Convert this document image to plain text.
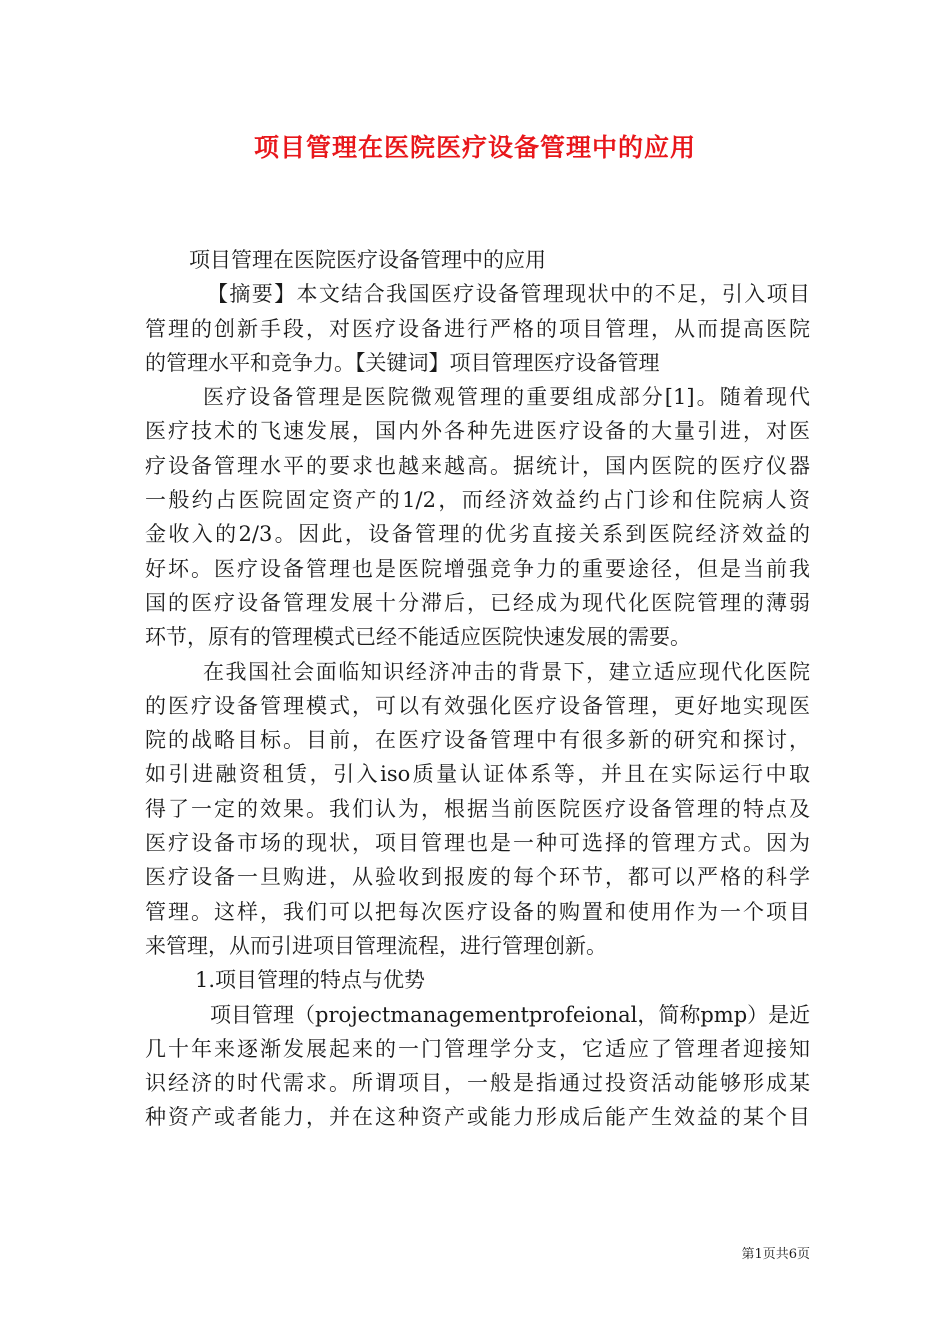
项目管理在医院医疗设备管理中的应用
项目管理在医院医疗设备管理中的应用
【摘要】本文结合我国医疗设备管理现状中的不足，引入项目
管理的创新手段，对医疗设备进行严格的项目管理，从而提高医院
的管理水平和竞争力。【关键词】项目管理医疗设备管理
医疗设备管理是医院微观管理的重要组成部分[1]。随着现代
医疗技术的飞速发展，国内外各种先进医疗设备的大量引进，对医
疗设备管理水平的要求也越来越高。据统计，国内医院的医疗仪器
一般约占医院固定资产的1/2，而经济效益约占门诊和住院病人资
金收入的2/3。因此，设备管理的优劣直接关系到医院经济效益的
好坏。医疗设备管理也是医院增强竞争力的重要途径，但是当前我
国的医疗设备管理发展十分滞后，已经成为现代化医院管理的薄弱
环节，原有的管理模式已经不能适应医院快速发展的需要。
在我国社会面临知识经济冲击的背景下，建立适应现代化医院
的医疗设备管理模式，可以有效强化医疗设备管理，更好地实现医
院的战略目标。目前，在医疗设备管理中有很多新的研究和探讨，
如引进融资租赁，引入iso质量认证体系等，并且在实际运行中取
得了一定的效果。我们认为，根据当前医院医疗设备管理的特点及
医疗设备市场的现状，项目管理也是一种可选择的管理方式。因为
医疗设备一旦购进，从验收到报废的每个环节，都可以严格的科学
管理。这样，我们可以把每次医疗设备的购置和使用作为一个项目
来管理，从而引进项目管理流程，进行管理创新。
1.项目管理的特点与优势
项目管理（projectmanagementprofeional，简称pmp）是近
几十年来逐渐发展起来的一门管理学分支，它适应了管理者迎接知
识经济的时代需求。所谓项目，一般是指通过投资活动能够形成某
种资产或者能力，并在这种资产或能力形成后能产生效益的某个目
第1页共6页
